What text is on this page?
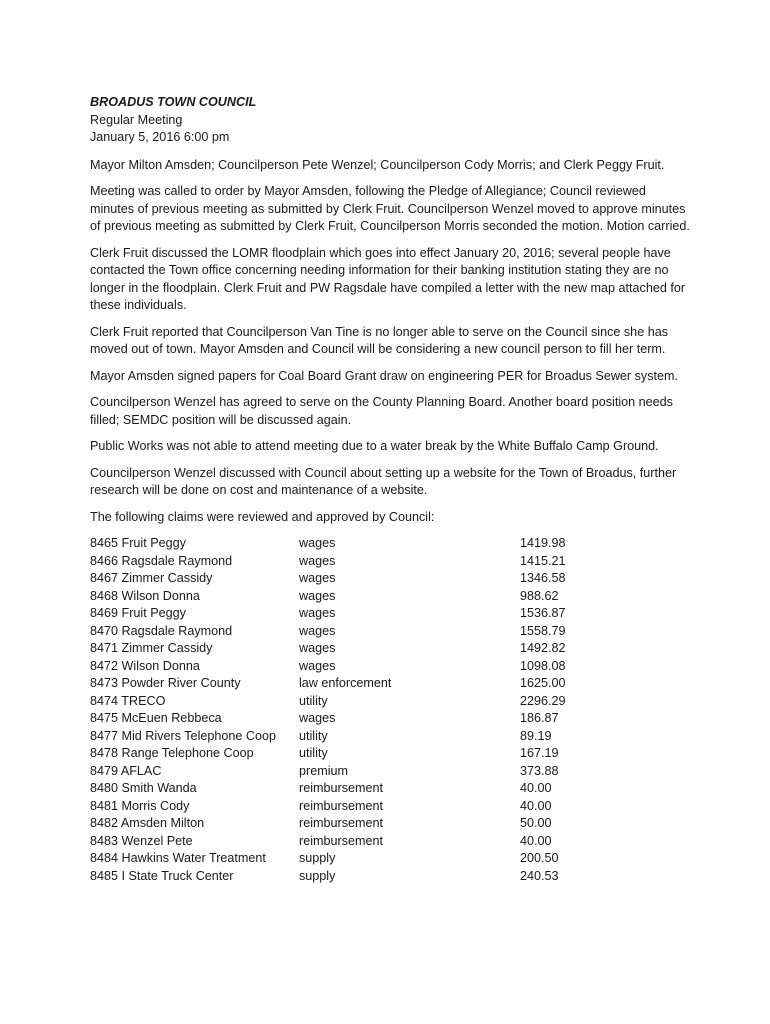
BROADUS TOWN COUNCIL

Regular Meeting

January 5, 2016 6:00 pm

Mayor Milton Amsden; Councilperson Pete Wenzel; Councilperson Cody Morris; and Clerk Peggy Fruit.

Meeting was called to order by Mayor Amsden, following the Pledge of Allegiance; Council reviewed minutes of previous meeting as submitted by Clerk Fruit. Councilperson Wenzel moved to approve minutes of previous meeting as submitted by Clerk Fruit, Councilperson Morris seconded the motion. Motion carried.

Clerk Fruit discussed the LOMR floodplain which goes into effect January 20, 2016; several people have contacted the Town office concerning needing information for their banking institution stating they are no longer in the floodplain. Clerk Fruit and PW Ragsdale have compiled a letter with the new map attached for these individuals.

Clerk Fruit reported that Councilperson Van Tine is no longer able to serve on the Council since she has moved out of town. Mayor Amsden and Council will be considering a new council person to fill her term.

Mayor Amsden signed papers for Coal Board Grant draw on engineering PER for Broadus Sewer system.

Councilperson Wenzel has agreed to serve on the County Planning Board. Another board position needs filled; SEMDC position will be discussed again.

Public Works was not able to attend meeting due to a water break by the White Buffalo Camp Ground.

Councilperson Wenzel discussed with Council about setting up a website for the Town of Broadus, further research will be done on cost and maintenance of a website.

The following claims were reviewed and approved by Council:

8465 Fruit Peggy	wages	1419.98
8466 Ragsdale Raymond	wages	1415.21
8467 Zimmer Cassidy	wages	1346.58
8468 Wilson Donna	wages	988.62
8469 Fruit Peggy	wages	1536.87
8470 Ragsdale Raymond	wages	1558.79
8471 Zimmer Cassidy	wages	1492.82
8472 Wilson Donna	wages	1098.08
8473 Powder River County	law enforcement	1625.00
8474 TRECO	utility	2296.29
8475 McEuen Rebbeca	wages	186.87
8477 Mid Rivers Telephone Coop	utility	89.19
8478 Range Telephone Coop	utility	167.19
8479 AFLAC	premium	373.88
8480 Smith Wanda	reimbursement	40.00
8481 Morris Cody	reimbursement	40.00
8482 Amsden Milton	reimbursement	50.00
8483 Wenzel Pete	reimbursement	40.00
8484 Hawkins Water Treatment	supply	200.50
8485 I State Truck Center	supply	240.53
